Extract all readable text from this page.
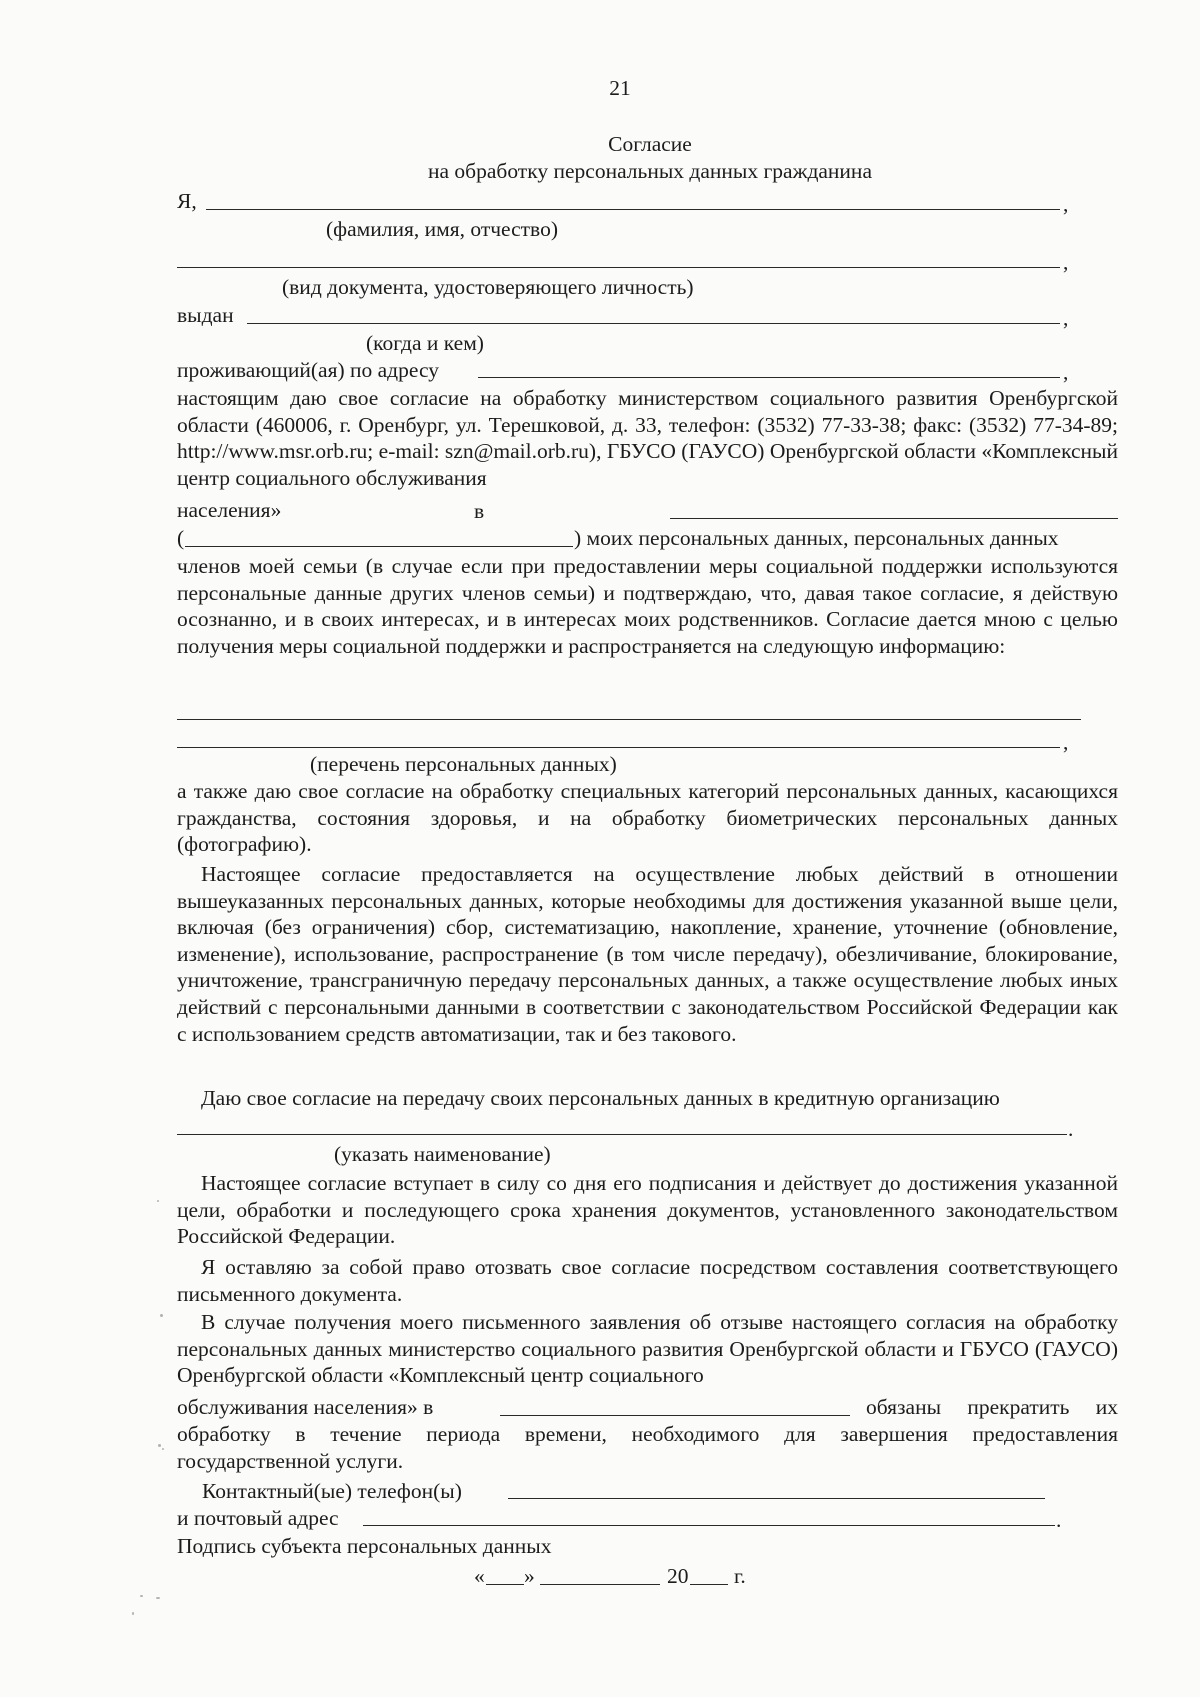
21
Согласие
на обработку персональных данных гражданина
Я,	,
(фамилия, имя, отчество)
,
(вид документа, удостоверяющего личность)
выдан	,
(когда и кем)
проживающий(ая) по адресу	,
настоящим даю свое согласие на обработку министерством социального развития Оренбургской области (460006, г. Оренбург, ул. Терешковой, д. 33, телефон: (3532) 77-33-38; факс: (3532) 77-34-89; http://www.msr.orb.ru; e-mail: szn@mail.orb.ru), ГБУСО (ГАУСО) Оренбургской области «Комплексный центр социального обслуживания
населения»	в
(	) моих персональных данных, персональных данных
членов моей семьи (в случае если при предоставлении меры социальной поддержки используются персональные данные других членов семьи) и подтверждаю, что, давая такое согласие, я действую осознанно, и в своих интересах, и в интересах моих родственников. Согласие дается мною с целью получения меры социальной поддержки и распространяется на следующую информацию:
,
(перечень персональных данных)
а также даю свое согласие на обработку специальных категорий персональных данных, касающихся гражданства, состояния здоровья, и на обработку биометрических персональных данных (фотографию).
Настоящее согласие предоставляется на осуществление любых действий в отношении вышеуказанных персональных данных, которые необходимы для достижения указанной выше цели, включая (без ограничения) сбор, систематизацию, накопление, хранение, уточнение (обновление, изменение), использование, распространение (в том числе передачу), обезличивание, блокирование, уничтожение, трансграничную передачу персональных данных, а также осуществление любых иных действий с персональными данными в соответствии с законодательством Российской Федерации как с использованием средств автоматизации, так и без такового.
Даю свое согласие на передачу своих персональных данных в кредитную организацию
.
(указать наименование)
Настоящее согласие вступает в силу со дня его подписания и действует до достижения указанной цели, обработки и последующего срока хранения документов, установленного законодательством Российской Федерации.
Я оставляю за собой право отозвать свое согласие посредством составления соответствующего письменного документа.
В случае получения моего письменного заявления об отзыве настоящего согласия на обработку персональных данных министерство социального развития Оренбургской области и ГБУСО (ГАУСО) Оренбургской области «Комплексный центр социального
обслуживания населения» в	обязаны прекратить их
обработку в течение периода времени, необходимого для завершения предоставления государственной услуги.
Контактный(ые) телефон(ы)
и почтовый адрес	.
Подпись субъекта персональных данных
« »	20 г.
